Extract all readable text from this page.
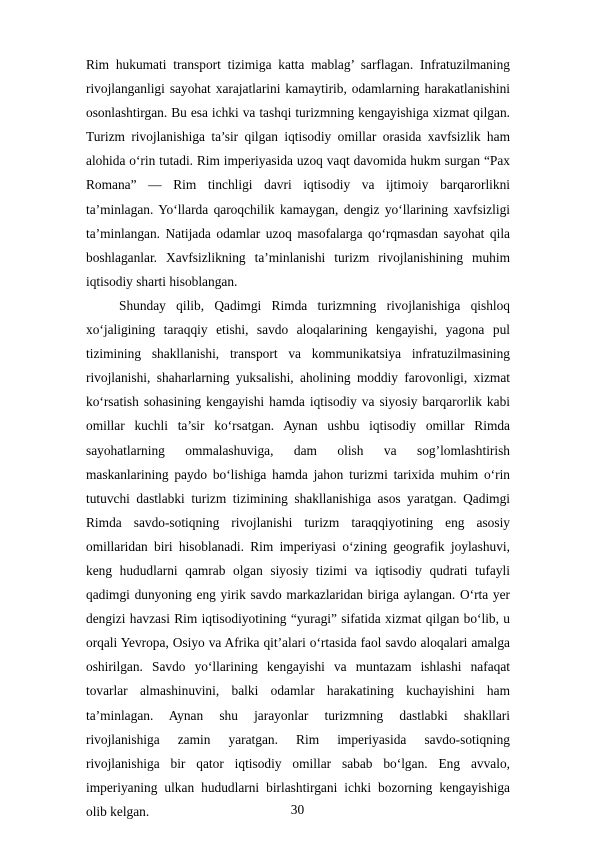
Rim hukumati transport tizimiga katta mablag’ sarflagan. Infratuzilmaning rivojlanganligi sayohat xarajatlarini kamaytirib, odamlarning harakatlanishini osonlashtirgan. Bu esa ichki va tashqi turizmning kengayishiga xizmat qilgan. Turizm rivojlanishiga ta’sir qilgan iqtisodiy omillar orasida xavfsizlik ham alohida o‘rin tutadi. Rim imperiyasida uzoq vaqt davomida hukm surgan “Pax Romana” — Rim tinchligi davri iqtisodiy va ijtimoiy barqarorlikni ta’minlagan. Yo‘llarda qaroqchilik kamaygan, dengiz yo‘llarining xavfsizligi ta’minlangan. Natijada odamlar uzoq masofalarga qo‘rqmasdan sayohat qila boshlaganlar. Xavfsizlikning ta’minlanishi turizm rivojlanishining muhim iqtisodiy sharti hisoblangan.

Shunday qilib, Qadimgi Rimda turizmning rivojlanishiga qishloq xo‘jaligining taraqqiy etishi, savdo aloqalarining kengayishi, yagona pul tizimining shakllanishi, transport va kommunikatsiya infratuzilmasining rivojlanishi, shaharlarning yuksalishi, aholining moddiy farovonligi, xizmat ko‘rsatish sohasining kengayishi hamda iqtisodiy va siyosiy barqarorlik kabi omillar kuchli ta’sir ko‘rsatgan. Aynan ushbu iqtisodiy omillar Rimda sayohatlarning ommalashuviga, dam olish va sog’lomlashtirish maskanlarining paydo bo‘lishiga hamda jahon turizmi tarixida muhim o‘rin tutuvchi dastlabki turizm tizimining shakllanishiga asos yaratgan. Qadimgi Rimda savdo-sotiqning rivojlanishi turizm taraqqiyotining eng asosiy omillaridan biri hisoblanadi. Rim imperiyasi o‘zining geografik joylashuvi, keng hududlarni qamrab olgan siyosiy tizimi va iqtisodiy qudrati tufayli qadimgi dunyoning eng yirik savdo markazlaridan biriga aylangan. O‘rta yer dengizi havzasi Rim iqtisodiyotining “yuragi” sifatida xizmat qilgan bo‘lib, u orqali Yevropa, Osiyo va Afrika qit’alari o‘rtasida faol savdo aloqalari amalga oshirilgan. Savdo yo‘llarining kengayishi va muntazam ishlashi nafaqat tovarlar almashinuvini, balki odamlar harakatining kuchayishini ham ta’minlagan. Aynan shu jarayonlar turizmning dastlabki shakllari rivojlanishiga zamin yaratgan. Rim imperiyasida savdo-sotiqning rivojlanishiga bir qator iqtisodiy omillar sabab bo‘lgan. Eng avvalo, imperiyaning ulkan hududlarni birlashtirgani ichki bozorning kengayishiga olib kelgan.	30
